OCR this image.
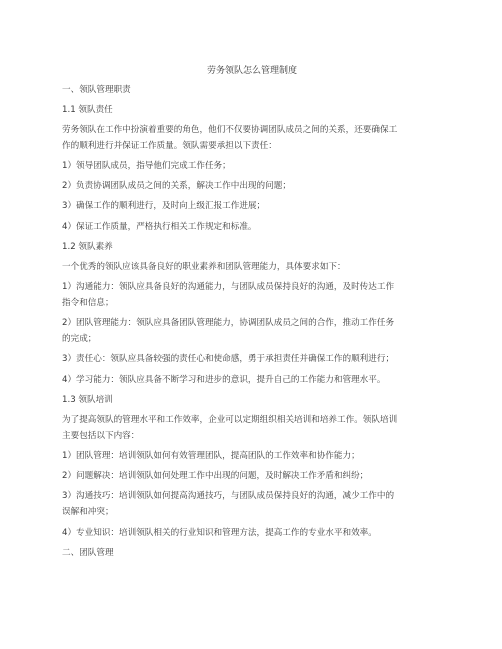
劳务领队怎么管理制度
一、领队管理职责
1.1 领队责任
劳务领队在工作中扮演着重要的角色，他们不仅要协调团队成员之间的关系，还要确保工
作的顺利进行并保证工作质量。领队需要承担以下责任：
1）领导团队成员，指导他们完成工作任务；
2）负责协调团队成员之间的关系，解决工作中出现的问题；
3）确保工作的顺利进行，及时向上级汇报工作进展；
4）保证工作质量，严格执行相关工作规定和标准。
1.2 领队素养
一个优秀的领队应该具备良好的职业素养和团队管理能力，具体要求如下：
1）沟通能力：领队应具备良好的沟通能力，与团队成员保持良好的沟通，及时传达工作
指令和信息；
2）团队管理能力：领队应具备团队管理能力，协调团队成员之间的合作，推动工作任务
的完成；
3）责任心：领队应具备较强的责任心和使命感，勇于承担责任并确保工作的顺利进行；
4）学习能力：领队应具备不断学习和进步的意识，提升自己的工作能力和管理水平。
1.3 领队培训
为了提高领队的管理水平和工作效率，企业可以定期组织相关培训和培养工作。领队培训
主要包括以下内容：
1）团队管理：培训领队如何有效管理团队，提高团队的工作效率和协作能力；
2）问题解决：培训领队如何处理工作中出现的问题，及时解决工作矛盾和纠纷；
3）沟通技巧：培训领队如何提高沟通技巧，与团队成员保持良好的沟通，减少工作中的
误解和冲突；
4）专业知识：培训领队相关的行业知识和管理方法，提高工作的专业水平和效率。
二、团队管理
